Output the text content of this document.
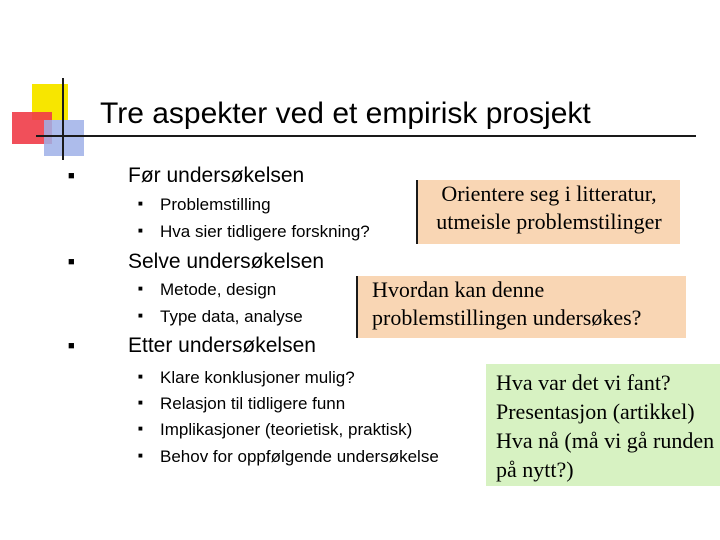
Tre aspekter ved et empirisk prosjekt
■	Før undersøkelsen
■ Problemstilling
■ Hva sier tidligere forskning?
■	Selve undersøkelsen
■ Metode, design
■ Type data, analyse
■	Etter undersøkelsen
■ Klare konklusjoner mulig?
■ Relasjon til tidligere funn
■ Implikasjoner (teorietisk, praktisk)
■ Behov for oppfølgende undersøkelse
Orientere seg i litteratur,
utmeisle problemstilinger
Hvordan kan denne
problemstillingen undersøkes?
Hva var det vi fant?
Presentasjon (artikkel)
Hva nå (må vi gå runden
på nytt?)
